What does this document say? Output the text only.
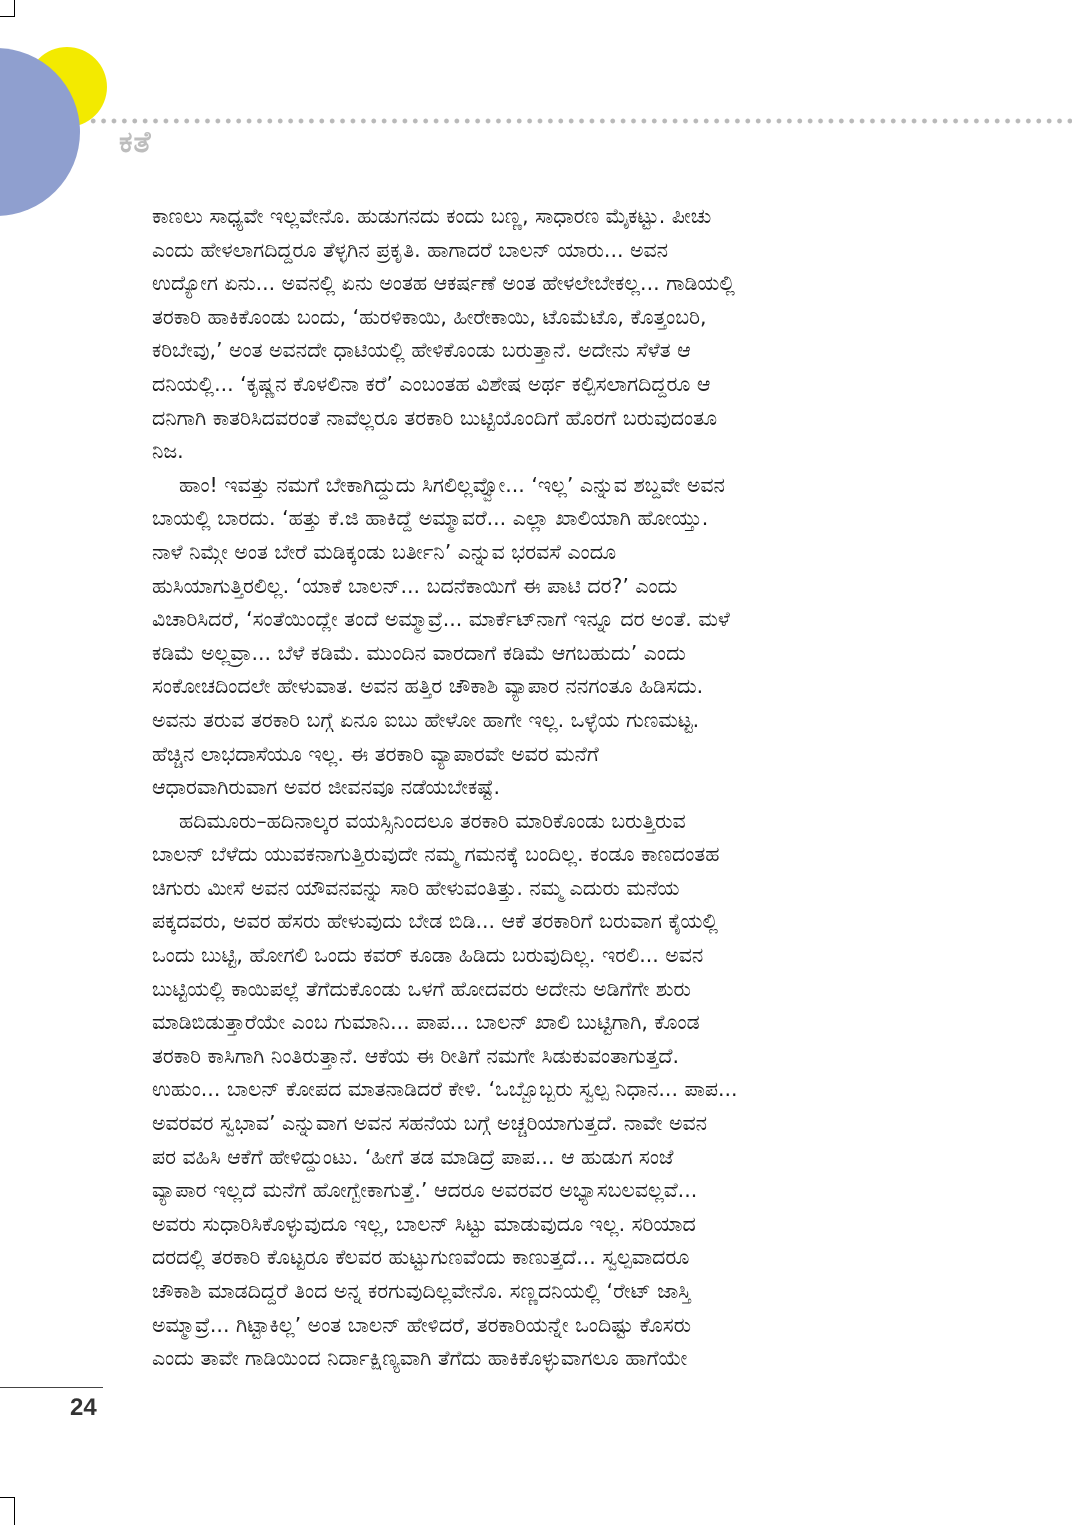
ಕತೆ
ಕಾಣಲು ಸಾಧ್ಯವೇ ಇಲ್ಲವೇನೊ. ಹುಡುಗನದು ಕಂದು ಬಣ್ಣ, ಸಾಧಾರಣ ಮೈಕಟ್ಟು. ಪೀಚು
ಎಂದು ಹೇಳಲಾಗದಿದ್ದರೂ ತೆಳ್ಳಗಿನ ಪ್ರಕೃತಿ. ಹಾಗಾದರೆ ಬಾಲನ್ ಯಾರು... ಅವನ
ಉದ್ಯೋಗ ಏನು... ಅವನಲ್ಲಿ ಏನು ಅಂತಹ ಆಕರ್ಷಣೆ ಅಂತ ಹೇಳಲೇಬೇಕಲ್ಲ... ಗಾಡಿಯಲ್ಲಿ
ತರಕಾರಿ ಹಾಕಿಕೊಂಡು ಬಂದು, ‘ಹುರಳಿಕಾಯಿ, ಹೀರೇಕಾಯಿ, ಟೊಮೆಟೊ, ಕೊತ್ತಂಬರಿ,
ಕರಿಬೇವು,’ ಅಂತ ಅವನದೇ ಧಾಟಿಯಲ್ಲಿ ಹೇಳಿಕೊಂಡು ಬರುತ್ತಾನೆ. ಅದೇನು ಸೆಳೆತ ಆ
ದನಿಯಲ್ಲಿ... ‘ಕೃಷ್ಣನ ಕೊಳಲಿನಾ ಕರೆ’ ಎಂಬಂತಹ ವಿಶೇಷ ಅರ್ಥ ಕಲ್ಪಿಸಲಾಗದಿದ್ದರೂ ಆ
ದನಿಗಾಗಿ ಕಾತರಿಸಿದವರಂತೆ ನಾವೆಲ್ಲರೂ ತರಕಾರಿ ಬುಟ್ಟಿಯೊಂದಿಗೆ ಹೊರಗೆ ಬರುವುದಂತೂ
ನಿಜ.
ಹಾಂ! ಇವತ್ತು ನಮಗೆ ಬೇಕಾಗಿದ್ದುದು ಸಿಗಲಿಲ್ಲವ್ವೋ... ‘ಇಲ್ಲ’ ಎನ್ನುವ ಶಬ್ದವೇ ಅವನ
ಬಾಯಲ್ಲಿ ಬಾರದು. ‘ಹತ್ತು ಕೆ.ಜಿ ಹಾಕಿದ್ದೆ ಅಮ್ಮಾವರೆ... ಎಲ್ಲಾ ಖಾಲಿಯಾಗಿ ಹೋಯ್ತು.
ನಾಳೆ ನಿಮ್ಗೇ ಅಂತ ಬೇರೆ ಮಡಿಕ್ಕಂಡು ಬರ್ತೀನಿ’ ಎನ್ನುವ ಭರವಸೆ ಎಂದೂ
ಹುಸಿಯಾಗುತ್ತಿರಲಿಲ್ಲ. ‘ಯಾಕೆ ಬಾಲನ್... ಬದನೆಕಾಯಿಗೆ ಈ ಪಾಟಿ ದರ?’ ಎಂದು
ವಿಚಾರಿಸಿದರೆ, ‘ಸಂತೆಯಿಂದ್ಲೇ ತಂದೆ ಅಮ್ಮಾವ್ರೆ... ಮಾರ್ಕೆಟ್‌ನಾಗೆ ಇನ್ನೂ ದರ ಅಂತೆ. ಮಳೆ
ಕಡಿಮೆ ಅಲ್ಲವ್ರಾ... ಬೆಳೆ ಕಡಿಮೆ. ಮುಂದಿನ ವಾರದಾಗೆ ಕಡಿಮೆ ಆಗಬಹುದು’ ಎಂದು
ಸಂಕೋಚದಿಂದಲೇ ಹೇಳುವಾತ. ಅವನ ಹತ್ತಿರ ಚೌಕಾಶಿ ವ್ಯಾಪಾರ ನನಗಂತೂ ಹಿಡಿಸದು.
ಅವನು ತರುವ ತರಕಾರಿ ಬಗ್ಗೆ ಏನೂ ಐಬು ಹೇಳೋ ಹಾಗೇ ಇಲ್ಲ. ಒಳ್ಳೆಯ ಗುಣಮಟ್ಟ.
ಹೆಚ್ಚಿನ ಲಾಭದಾಸೆಯೂ ಇಲ್ಲ. ಈ ತರಕಾರಿ ವ್ಯಾಪಾರವೇ ಅವರ ಮನೆಗೆ
ಆಧಾರವಾಗಿರುವಾಗ ಅವರ ಜೀವನವೂ ನಡೆಯಬೇಕಷ್ಟೆ.
ಹದಿಮೂರು–ಹದಿನಾಲ್ಕರ ವಯಸ್ಸಿನಿಂದಲೂ ತರಕಾರಿ ಮಾರಿಕೊಂಡು ಬರುತ್ತಿರುವ
ಬಾಲನ್ ಬೆಳೆದು ಯುವಕನಾಗುತ್ತಿರುವುದೇ ನಮ್ಮ ಗಮನಕ್ಕೆ ಬಂದಿಲ್ಲ. ಕಂಡೂ ಕಾಣದಂತಹ
ಚಿಗುರು ಮೀಸೆ ಅವನ ಯೌವನವನ್ನು ಸಾರಿ ಹೇಳುವಂತಿತ್ತು. ನಮ್ಮ ಎದುರು ಮನೆಯ
ಪಕ್ಕದವರು, ಅವರ ಹೆಸರು ಹೇಳುವುದು ಬೇಡ ಬಿಡಿ... ಆಕೆ ತರಕಾರಿಗೆ ಬರುವಾಗ ಕೈಯಲ್ಲಿ
ಒಂದು ಬುಟ್ಟಿ, ಹೋಗಲಿ ಒಂದು ಕವರ್ ಕೂಡಾ ಹಿಡಿದು ಬರುವುದಿಲ್ಲ. ಇರಲಿ... ಅವನ
ಬುಟ್ಟಿಯಲ್ಲಿ ಕಾಯಿಪಲ್ಲೆ ತೆಗೆದುಕೊಂಡು ಒಳಗೆ ಹೋದವರು ಅದೇನು ಅಡಿಗೆಗೇ ಶುರು
ಮಾಡಿಬಿಡುತ್ತಾರೆಯೇ ಎಂಬ ಗುಮಾನಿ... ಪಾಪ... ಬಾಲನ್ ಖಾಲಿ ಬುಟ್ಟಿಗಾಗಿ, ಕೊಂಡ
ತರಕಾರಿ ಕಾಸಿಗಾಗಿ ನಿಂತಿರುತ್ತಾನೆ. ಆಕೆಯ ಈ ರೀತಿಗೆ ನಮಗೇ ಸಿಡುಕುವಂತಾಗುತ್ತದೆ.
ಉಹುಂ... ಬಾಲನ್ ಕೋಪದ ಮಾತನಾಡಿದರೆ ಕೇಳಿ. ‘ಒಬ್ಬೊಬ್ಬರು ಸ್ವಲ್ಪ ನಿಧಾನ... ಪಾಪ...
ಅವರವರ ಸ್ವಭಾವ’ ಎನ್ನುವಾಗ ಅವನ ಸಹನೆಯ ಬಗ್ಗೆ ಅಚ್ಚರಿಯಾಗುತ್ತದೆ. ನಾವೇ ಅವನ
ಪರ ವಹಿಸಿ ಆಕೆಗೆ ಹೇಳಿದ್ದುಂಟು. ‘ಹೀಗೆ ತಡ ಮಾಡಿದ್ರೆ ಪಾಪ... ಆ ಹುಡುಗ ಸಂಜೆ
ವ್ಯಾಪಾರ ಇಲ್ಲದೆ ಮನೆಗೆ ಹೋಗ್ಬೇಕಾಗುತ್ತೆ.’ ಆದರೂ ಅವರವರ ಅಭ್ಯಾಸಬಲವಲ್ಲವೆ...
ಅವರು ಸುಧಾರಿಸಿಕೊಳ್ಳುವುದೂ ಇಲ್ಲ, ಬಾಲನ್ ಸಿಟ್ಟು ಮಾಡುವುದೂ ಇಲ್ಲ. ಸರಿಯಾದ
ದರದಲ್ಲಿ ತರಕಾರಿ ಕೊಟ್ಟರೂ ಕೆಲವರ ಹುಟ್ಟುಗುಣವೆಂದು ಕಾಣುತ್ತದೆ... ಸ್ವಲ್ಪವಾದರೂ
ಚೌಕಾಶಿ ಮಾಡದಿದ್ದರೆ ತಿಂದ ಅನ್ನ ಕರಗುವುದಿಲ್ಲವೇನೊ. ಸಣ್ಣದನಿಯಲ್ಲಿ ‘ರೇಟ್ ಜಾಸ್ತಿ
ಅಮ್ಮಾವ್ರೆ... ಗಿಟ್ಟಾಕಿಲ್ಲ’ ಅಂತ ಬಾಲನ್ ಹೇಳಿದರೆ, ತರಕಾರಿಯನ್ನೇ ಒಂದಿಷ್ಟು ಕೊಸರು
ಎಂದು ತಾವೇ ಗಾಡಿಯಿಂದ ನಿರ್ದಾಕ್ಷಿಣ್ಯವಾಗಿ ತೆಗೆದು ಹಾಕಿಕೊಳ್ಳುವಾಗಲೂ ಹಾಗೆಯೇ

24
